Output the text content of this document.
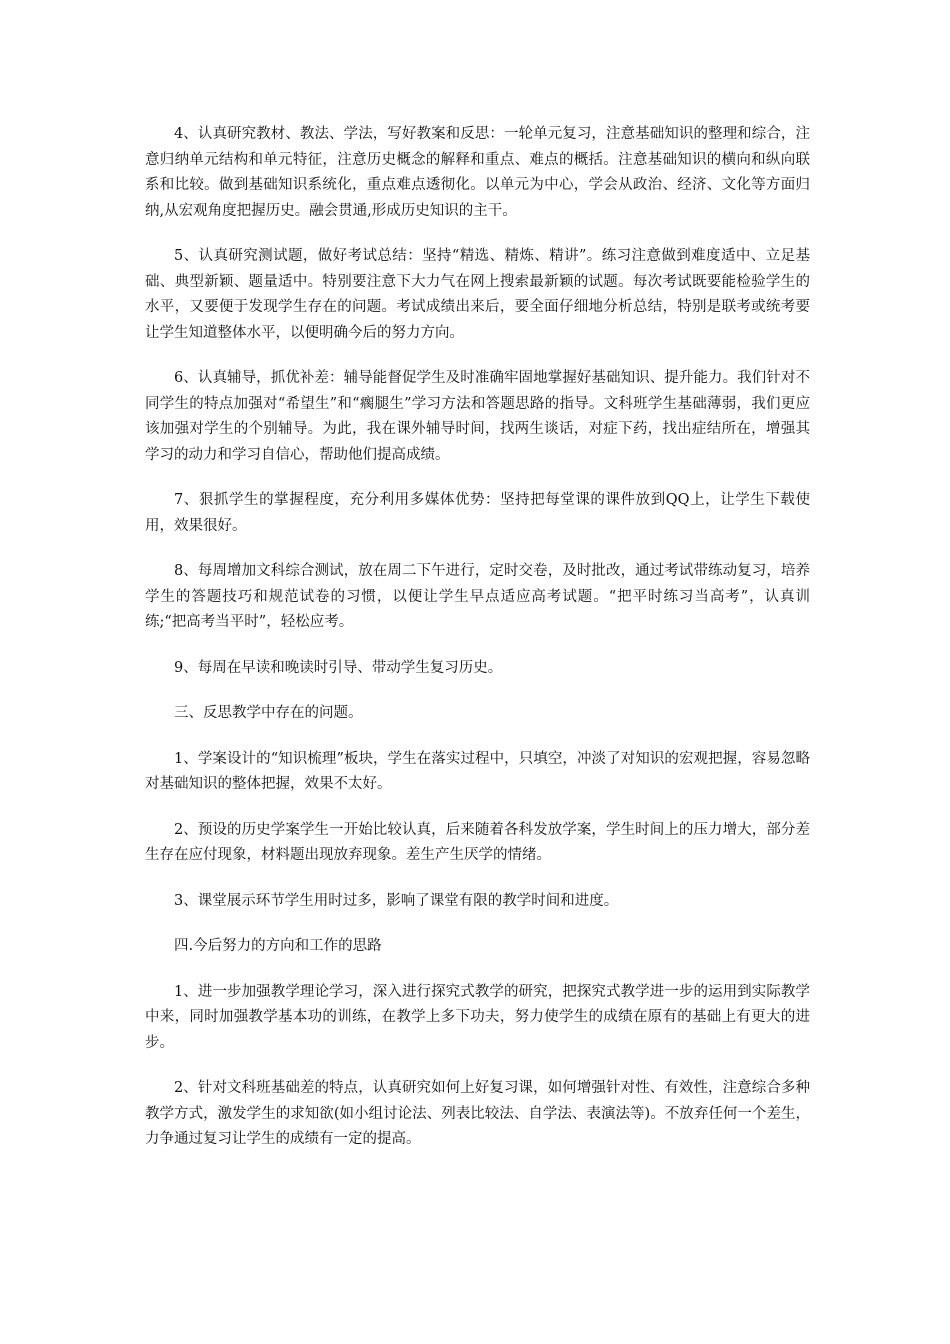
4、认真研究教材、教法、学法，写好教案和反思：一轮单元复习，注意基础知识的整理和综合，注意归纳单元结构和单元特征，注意历史概念的解释和重点、难点的概括。注意基础知识的横向和纵向联系和比较。做到基础知识系统化，重点难点透彻化。以单元为中心，学会从政治、经济、文化等方面归纳,从宏观角度把握历史。融会贯通,形成历史知识的主干。

5、认真研究测试题，做好考试总结：坚持“精选、精炼、精讲”。练习注意做到难度适中、立足基础、典型新颖、题量适中。特别要注意下大力气在网上搜索最新颖的试题。每次考试既要能检验学生的水平，又要便于发现学生存在的问题。考试成绩出来后，要全面仔细地分析总结，特别是联考或统考要让学生知道整体水平，以便明确今后的努力方向。

6、认真辅导，抓优补差：辅导能督促学生及时准确牢固地掌握好基础知识、提升能力。我们针对不同学生的特点加强对“希望生”和“瘸腿生”学习方法和答题思路的指导。文科班学生基础薄弱，我们更应该加强对学生的个别辅导。为此，我在课外辅导时间，找两生谈话，对症下药，找出症结所在，增强其学习的动力和学习自信心，帮助他们提高成绩。

7、狠抓学生的掌握程度，充分利用多媒体优势：坚持把每堂课的课件放到QQ上，让学生下载使用，效果很好。

8、每周增加文科综合测试，放在周二下午进行，定时交卷，及时批改，通过考试带练动复习，培养学生的答题技巧和规范试卷的习惯，以便让学生早点适应高考试题。“把平时练习当高考”，认真训练;“把高考当平时”，轻松应考。

9、每周在早读和晚读时引导、带动学生复习历史。

三、反思教学中存在的问题。

1、学案设计的“知识梳理”板块，学生在落实过程中，只填空，冲淡了对知识的宏观把握，容易忽略对基础知识的整体把握，效果不太好。

2、预设的历史学案学生一开始比较认真，后来随着各科发放学案，学生时间上的压力增大，部分差生存在应付现象，材料题出现放弃现象。差生产生厌学的情绪。

3、课堂展示环节学生用时过多，影响了课堂有限的教学时间和进度。

四.今后努力的方向和工作的思路

1、进一步加强教学理论学习，深入进行探究式教学的研究，把探究式教学进一步的运用到实际教学中来，同时加强教学基本功的训练，在教学上多下功夫，努力使学生的成绩在原有的基础上有更大的进步。

2、针对文科班基础差的特点，认真研究如何上好复习课，如何增强针对性、有效性，注意综合多种教学方式，激发学生的求知欲(如小组讨论法、列表比较法、自学法、表演法等)。不放弃任何一个差生，力争通过复习让学生的成绩有一定的提高。
